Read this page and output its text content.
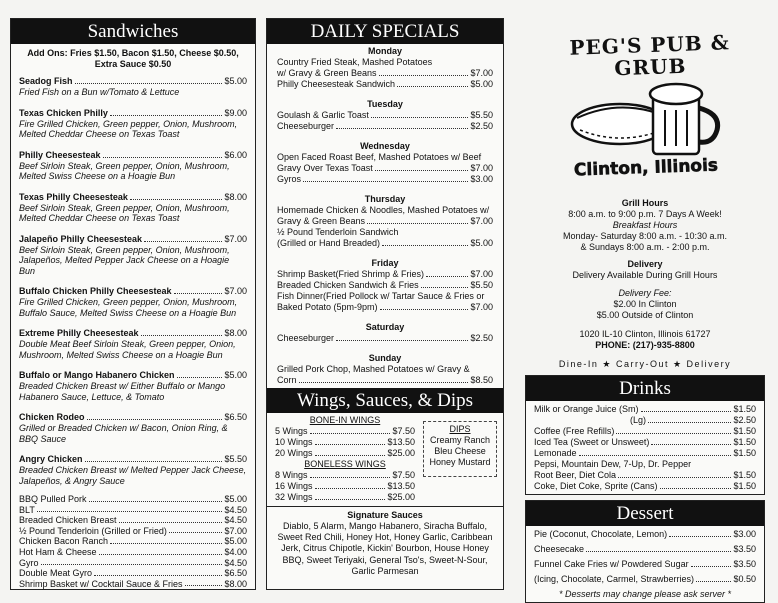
Sandwiches
Add Ons: Fries $1.50, Bacon $1.50, Cheese $0.50, Extra Sauce $0.50
Seadog Fish	$5.00
Fried Fish on a Bun w/Tomato & Lettuce
Texas Chicken Philly	$9.00
Fire Grilled Chicken, Green pepper, Onion, Mushroom, Melted Cheddar Cheese on Texas Toast
Philly Cheesesteak	$6.00
Beef Sirloin Steak, Green pepper, Onion, Mushroom, Melted Swiss Cheese on a Hoagie Bun
Texas Philly Cheesesteak	$8.00
Beef Sirloin Steak, Green pepper, Onion, Mushroom, Melted Cheddar Cheese on Texas Toast
Jalapeño Philly Cheesesteak	$7.00
Beef Sirloin Steak, Green pepper, Onion, Mushroom, Jalapeños, Melted Pepper Jack Cheese on a Hoagie Bun
Buffalo Chicken Philly Cheesesteak	$7.00
Fire Grilled Chicken, Green pepper, Onion, Mushroom, Buffalo Sauce, Melted Swiss Cheese on a Hoagie Bun
Extreme Philly Cheesesteak	$8.00
Double Meat Beef Sirloin Steak, Green pepper, Onion, Mushroom, Melted Swiss Cheese on a Hoagie Bun
Buffalo or Mango Habanero Chicken	$5.00
Breaded Chicken Breast w/ Either Buffalo or Mango Habanero Sauce, Lettuce, & Tomato
Chicken Rodeo	$6.50
Grilled or Breaded Chicken w/ Bacon, Onion Ring, & BBQ Sauce
Angry Chicken	$5.50
Breaded Chicken Breast w/ Melted Pepper Jack Cheese, Jalapeños, & Angry Sauce
BBQ Pulled Pork	$5.00
BLT	$4.50
Breaded Chicken Breast	$4.50
½ Pound Tenderloin (Grilled or Fried)	$7.00
Chicken Bacon Ranch	$5.00
Hot Ham & Cheese	$4.00
Gyro	$4.50
Double Meat Gyro	$6.50
Shrimp Basket w/ Cocktail Sauce & Fries	$8.00
DAILY SPECIALS
Monday
Country Fried Steak, Mashed Potatoes
w/ Gravy & Green Beans	$7.00
Philly Cheesesteak Sandwich	$5.00
Tuesday
Goulash & Garlic Toast	$5.50
Cheeseburger	$2.50
Wednesday
Open Faced Roast Beef, Mashed Potatoes w/ Beef
Gravy Over Texas Toast	$7.00
Gyros	$3.00
Thursday
Homemade Chicken & Noodles, Mashed Potatoes w/
Gravy & Green Beans	$7.00
½ Pound Tenderloin Sandwich
(Grilled or Hand Breaded)	$5.00
Friday
Shrimp Basket(Fried Shrimp & Fries)	$7.00
Breaded Chicken Sandwich & Fries	$5.50
Fish Dinner(Fried Pollock w/ Tartar Sauce & Fries or
Baked Potato (5pm-9pm)	$7.00
Saturday
Cheeseburger	$2.50
Sunday
Grilled Pork Chop, Mashed Potatoes w/ Gravy &
Corn	$8.50
Wings, Sauces, & Dips
BONE-IN WINGS
5 Wings	$7.50
10 Wings	$13.50
20 Wings	$25.00
BONELESS WINGS
8 Wings	$7.50
16 Wings	$13.50
32 Wings	$25.00
DIPS
Creamy Ranch
Bleu Cheese
Honey Mustard
Signature Sauces
Diablo, 5 Alarm, Mango Habanero, Siracha Buffalo, Sweet Red Chili, Honey Hot, Honey Garlic, Caribbean Jerk, Citrus Chipotle, Kickin' Bourbon, House Honey BBQ, Sweet Teriyaki, General Tso's, Sweet-N-Sour, Garlic Parmesan
PEG'S PUB & GRUB
Clinton, Illinois
Grill Hours
8:00 a.m. to 9:00 p.m. 7 Days A Week!
Breakfast Hours
Monday- Saturday 8:00 a.m. - 10:30 a.m.
& Sundays 8:00 a.m. - 2:00 p.m.
Delivery
Delivery Available During Grill Hours
Delivery Fee:
$2.00 In Clinton
$5.00 Outside of Clinton
1020 IL-10 Clinton, Illinois 61727
PHONE: (217)-935-8800
Dine-In ★ Carry-Out ★ Delivery
Drinks
Milk or Orange Juice (Sm)	$1.50
(Lg)	$2.50
Coffee (Free Refills)	$1.50
Iced Tea (Sweet or Unsweet)	$1.50
Lemonade	$1.50
Pepsi, Mountain Dew, 7-Up, Dr. Pepper
Root Beer, Diet Cola	$1.50
Coke, Diet Coke, Sprite (Cans)	$1.50
Dessert
Pie (Coconut, Chocolate, Lemon)	$3.00
Cheesecake	$3.50
Funnel Cake Fries w/ Powdered Sugar	$3.50
(Icing, Chocolate, Carmel, Strawberries)	$0.50
* Desserts may change please ask server *
